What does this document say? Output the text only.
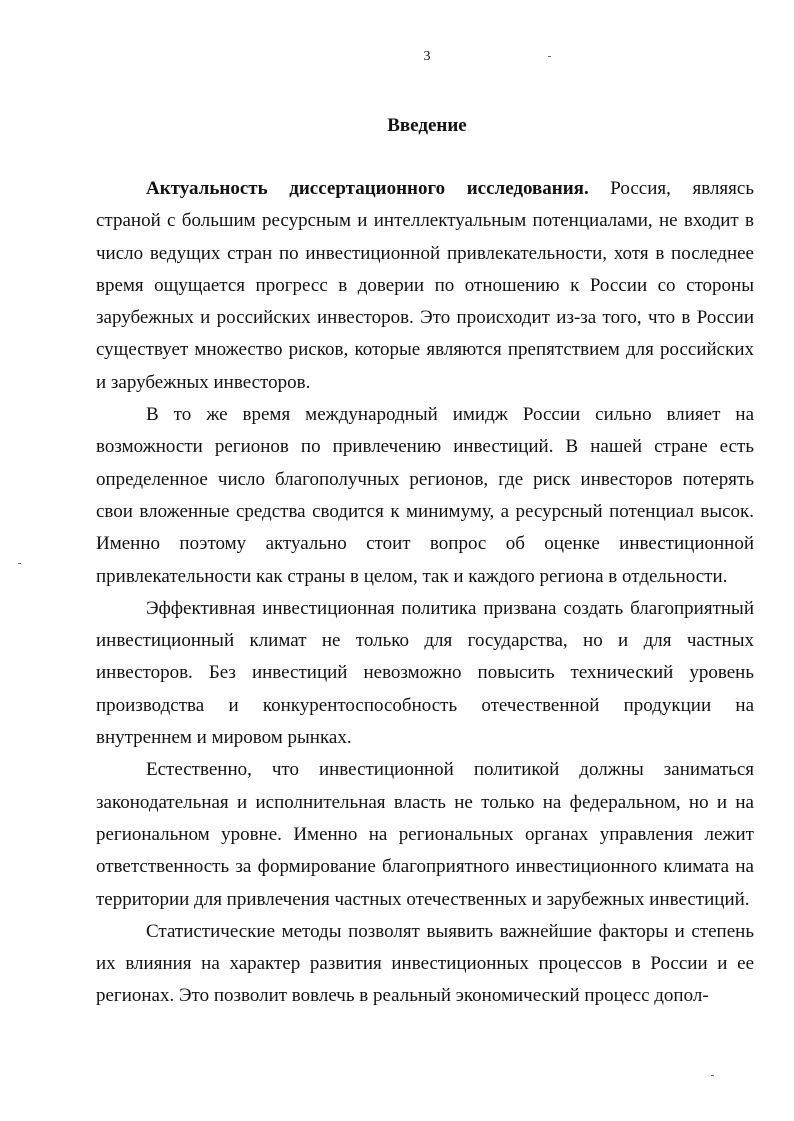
3
Введение

Актуальность диссертационного исследования. Россия, являясь страной с большим ресурсным и интеллектуальным потенциалами, не входит в число ведущих стран по инвестиционной привлекательности, хотя в последнее время ощущается прогресс в доверии по отношению к России со стороны зарубежных и российских инвесторов. Это происходит из-за того, что в России существует множество рисков, которые являются препятствием для российских и зарубежных инвесторов.

В то же время международный имидж России сильно влияет на возможности регионов по привлечению инвестиций. В нашей стране есть определенное число благополучных регионов, где риск инвесторов потерять свои вложенные средства сводится к минимуму, а ресурсный потенциал высок. Именно поэтому актуально стоит вопрос об оценке инвестиционной привлекательности как страны в целом, так и каждого региона в отдельности.

Эффективная инвестиционная политика призвана создать благоприятный инвестиционный климат не только для государства, но и для частных инвесторов. Без инвестиций невозможно повысить технический уровень производства и конкурентоспособность отечественной продукции на внутреннем и мировом рынках.

Естественно, что инвестиционной политикой должны заниматься законодательная и исполнительная власть не только на федеральном, но и на региональном уровне. Именно на региональных органах управления лежит ответственность за формирование благоприятного инвестиционного климата на территории для привлечения частных отечественных и зарубежных инвестиций.

Статистические методы позволят выявить важнейшие факторы и степень их влияния на характер развития инвестиционных процессов в России и ее регионах. Это позволит вовлечь в реальный экономический процесс допол-
